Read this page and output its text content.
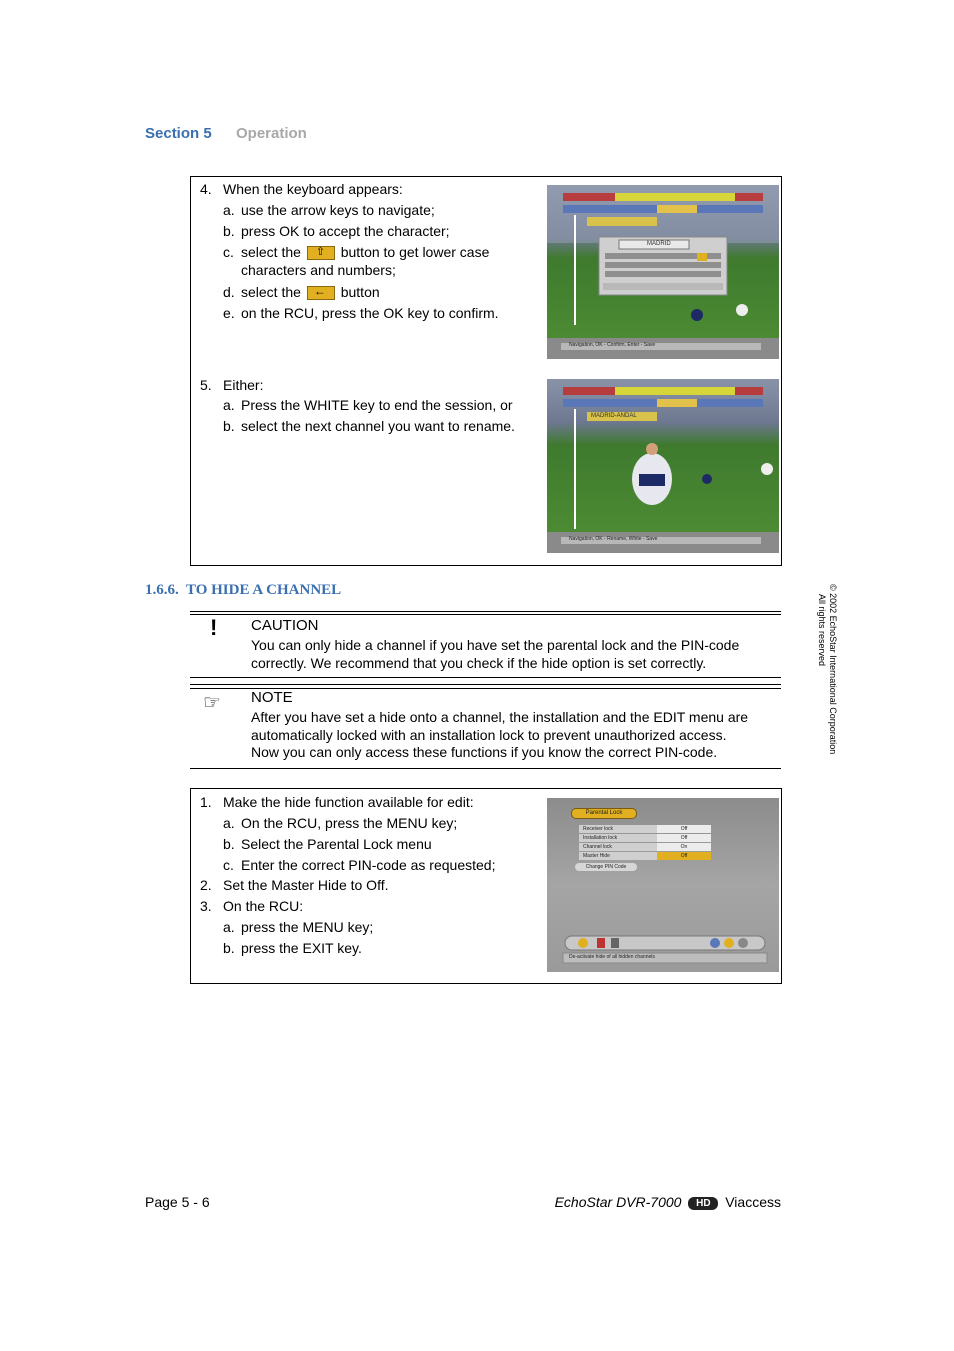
Section 5 Operation
4. When the keyboard appears:
a. use the arrow keys to navigate;
b. press OK to accept the character;
c. select the ⇧	button to get lower case
characters and numbers;
d. select the ←	button
e. on the RCU, press the OK key to confirm.
5. Either:
a. Press the WHITE key to end the session, or
b. select the next channel you want to rename.
MADRID
Navigation, OK - Confirm, Enter - Save
MADRID-ANDAL
Navigation, OK - Rename, White - Save
1.6.6. TO HIDE A CHANNEL
! CAUTION
You can only hide a channel if you have set the parental lock and the PIN-code
correctly. We recommend that you check if the hide option is set correctly.
☞ NOTE
After you have set a hide onto a channel, the installation and the EDIT menu are
automatically locked with an installation lock to prevent unauthorized access.
Now you can only access these functions if you know the correct PIN-code.
1. Make the hide function available for edit:
a. On the RCU, press the MENU key;
b. Select the Parental Lock menu
c. Enter the correct PIN-code as requested;
2. Set the Master Hide to Off.
3. On the RCU:
a. press the MENU key;
b. press the EXIT key.
Parental Lock
Receiver lock	Off
Installation lock	Off
Channel lock	On
Master Hide	Off
Change PIN Code
De-activate hide of all hidden channels
© 2002 EchoStar International Corporation
All rights reserved
Page 5 - 6	EchoStar DVR-7000 HD Viaccess
